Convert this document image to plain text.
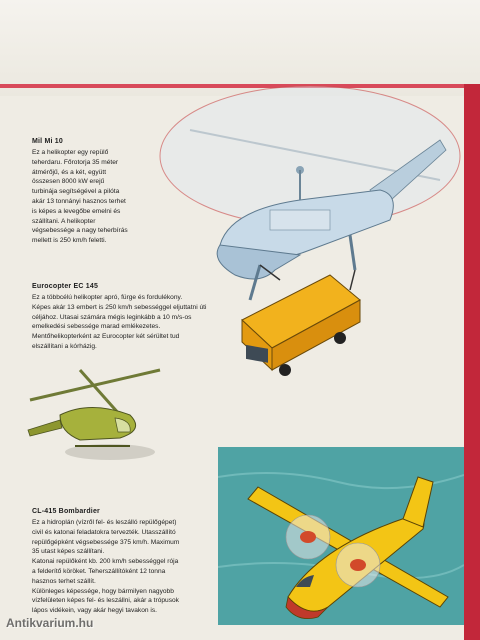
Mil Mi 10

Ez a helikopter egy repülő
teherdaru. Főrotorja 35 méter
átmérőjű, és a két, együtt
összesen 8000 kW erejű
turbinája segítségével a pilóta
akár 13 tonnányi hasznos terhet
is képes a levegőbe emelni és
szállítani. A helikopter
végsebessége a nagy teherbírás
mellett is 250 km/h feletti.

Eurocopter EC 145

Ez a többcélú helikopter apró, fürge és fordulékony.
Képes akár 13 embert is 250 km/h sebességgel eljuttatni úti
céljához. Utasai számára mégis leginkább a 10 m/s-os
emelkedési sebessége marad emlékezetes.
Mentőhelikopterként az Eurocopter két sérültet tud
elszállítani a kórházig.

CL-415 Bombardier

Ez a hidroplán (vízről fel- és leszálló repülőgépet)
civil és katonai feladatokra tervezték. Utasszállító
repülőgépként végsebessége 375 km/h. Maximum
35 utast képes szállítani.
Katonai repülőként kb. 200 km/h sebességgel rója
a felderítő köröket. Teherszállítóként 12 tonna
hasznos terhet szállít.
Különleges képessége, hogy bármilyen nagyobb
vízfelületen képes fel- és leszállni, akár a trópusok
lápos vidékein, vagy akár hegyi tavakon is.

Antikvarium.hu
